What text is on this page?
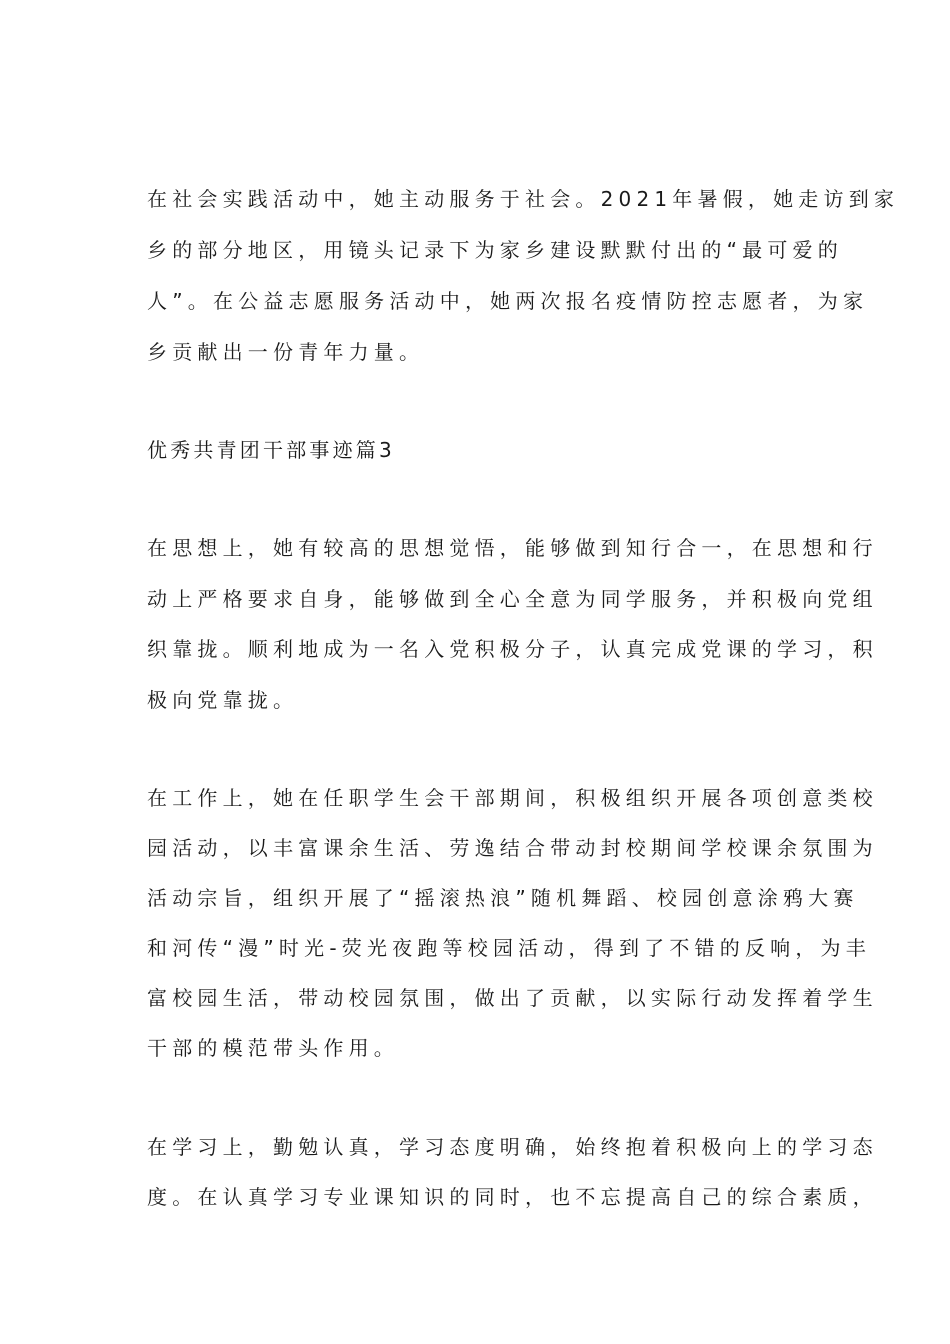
在社会实践活动中，她主动服务于社会。2021年暑假，她走访到家
乡的部分地区，用镜头记录下为家乡建设默默付出的“最可爱的
人”。在公益志愿服务活动中，她两次报名疫情防控志愿者，为家
乡贡献出一份青年力量。
优秀共青团干部事迹篇3
在思想上，她有较高的思想觉悟，能够做到知行合一，在思想和行
动上严格要求自身，能够做到全心全意为同学服务，并积极向党组
织靠拢。顺利地成为一名入党积极分子，认真完成党课的学习，积
极向党靠拢。
在工作上，她在任职学生会干部期间，积极组织开展各项创意类校
园活动，以丰富课余生活、劳逸结合带动封校期间学校课余氛围为
活动宗旨，组织开展了“摇滚热浪”随机舞蹈、校园创意涂鸦大赛
和河传“漫”时光-荧光夜跑等校园活动，得到了不错的反响，为丰
富校园生活，带动校园氛围，做出了贡献，以实际行动发挥着学生
干部的模范带头作用。
在学习上，勤勉认真，学习态度明确，始终抱着积极向上的学习态
度。在认真学习专业课知识的同时，也不忘提高自己的综合素质，
